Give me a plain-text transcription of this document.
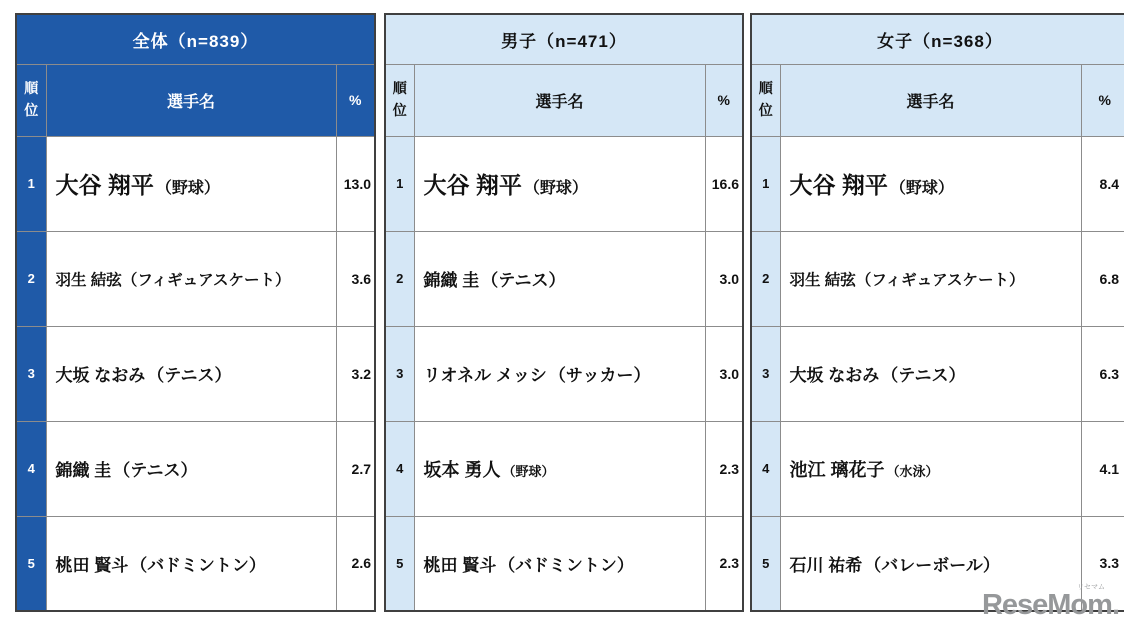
全体（n=839）		
順位	選手名	%
1	大谷 翔平 （野球）	13.0
2	羽生 結弦（フィギュアスケート）	3.6
3	大坂 なおみ （テニス）	3.2
4	錦織 圭 （テニス）	2.7
5	桃田 賢斗 （バドミントン）	2.6
男子（n=471）		
順位	選手名	%
1	大谷 翔平 （野球）	16.6
2	錦織 圭 （テニス）	3.0
3	リオネル メッシ （サッカー）	3.0
4	坂本 勇人 （野球）	2.3
5	桃田 賢斗 （バドミントン）	2.3
女子（n=368）		
順位	選手名	%
1	大谷 翔平 （野球）	8.4
2	羽生 結弦（フィギュアスケート）	6.8
3	大坂 なおみ （テニス）	6.3
4	池江 璃花子 （水泳）	4.1
5	石川 祐希 （バレーボール）	3.3
リセマム
ReseMom.
